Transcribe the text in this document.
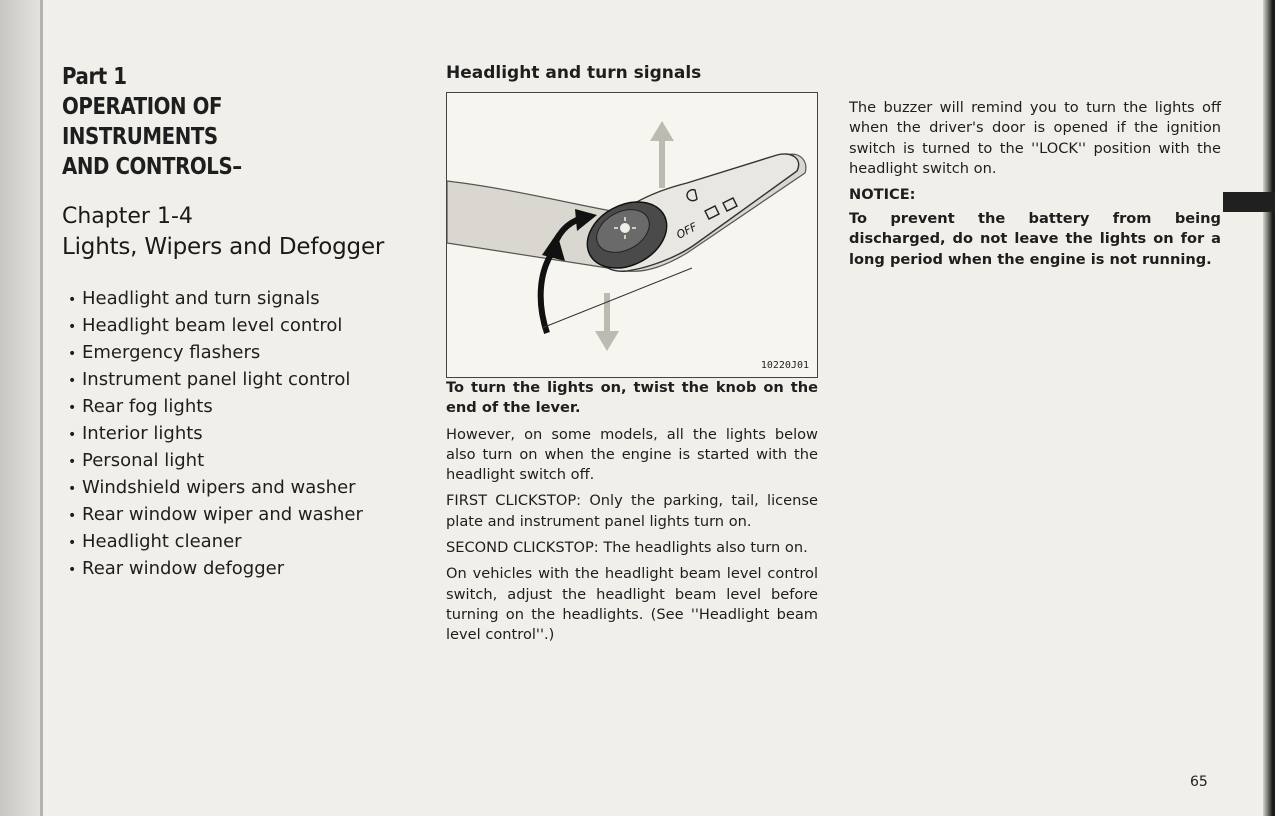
Part 1
OPERATION OF
INSTRUMENTS
AND CONTROLS–
Chapter 1-4
Lights, Wipers and Defogger
• Headlight and turn signals
• Headlight beam level control
• Emergency flashers
• Instrument panel light control
• Rear fog lights
• Interior lights
• Personal light
• Windshield wipers and washer
• Rear window wiper and washer
• Headlight cleaner
• Rear window defogger
Headlight and turn signals
OFF
10220J01

To turn the lights on, twist the knob on the end of the lever.

However, on some models, all the lights below also turn on when the engine is started with the headlight switch off.

FIRST CLICKSTOP: Only the parking, tail, license plate and instrument panel lights turn on.

SECOND CLICKSTOP: The headlights also turn on.

On vehicles with the headlight beam level control switch, adjust the headlight beam level before turning on the headlights. (See ''Headlight beam level control''.)

The buzzer will remind you to turn the lights off when the driver's door is opened if the ignition switch is turned to the ''LOCK'' position with the headlight switch on.

NOTICE:

To prevent the battery from being discharged, do not leave the lights on for a long period when the engine is not running.

65
